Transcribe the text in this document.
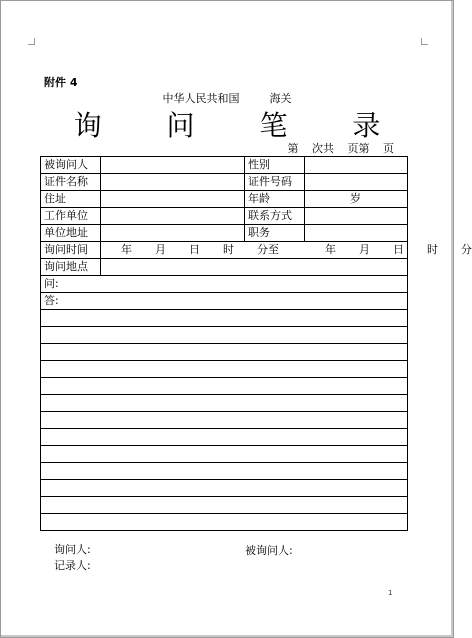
附件 4
中华人民共和国	海关
询 问 笔 录
第 次共 页第 页
被询问人		性别	
证件名称		证件号码	
住址		年龄	岁
工作单位		联系方式	
单位地址		职务	
询问时间	年  月  日  时  分至    年  月  日  时  分		
询问地点			
问:			
答:			

询问人:
记录人:
被询问人:
1
